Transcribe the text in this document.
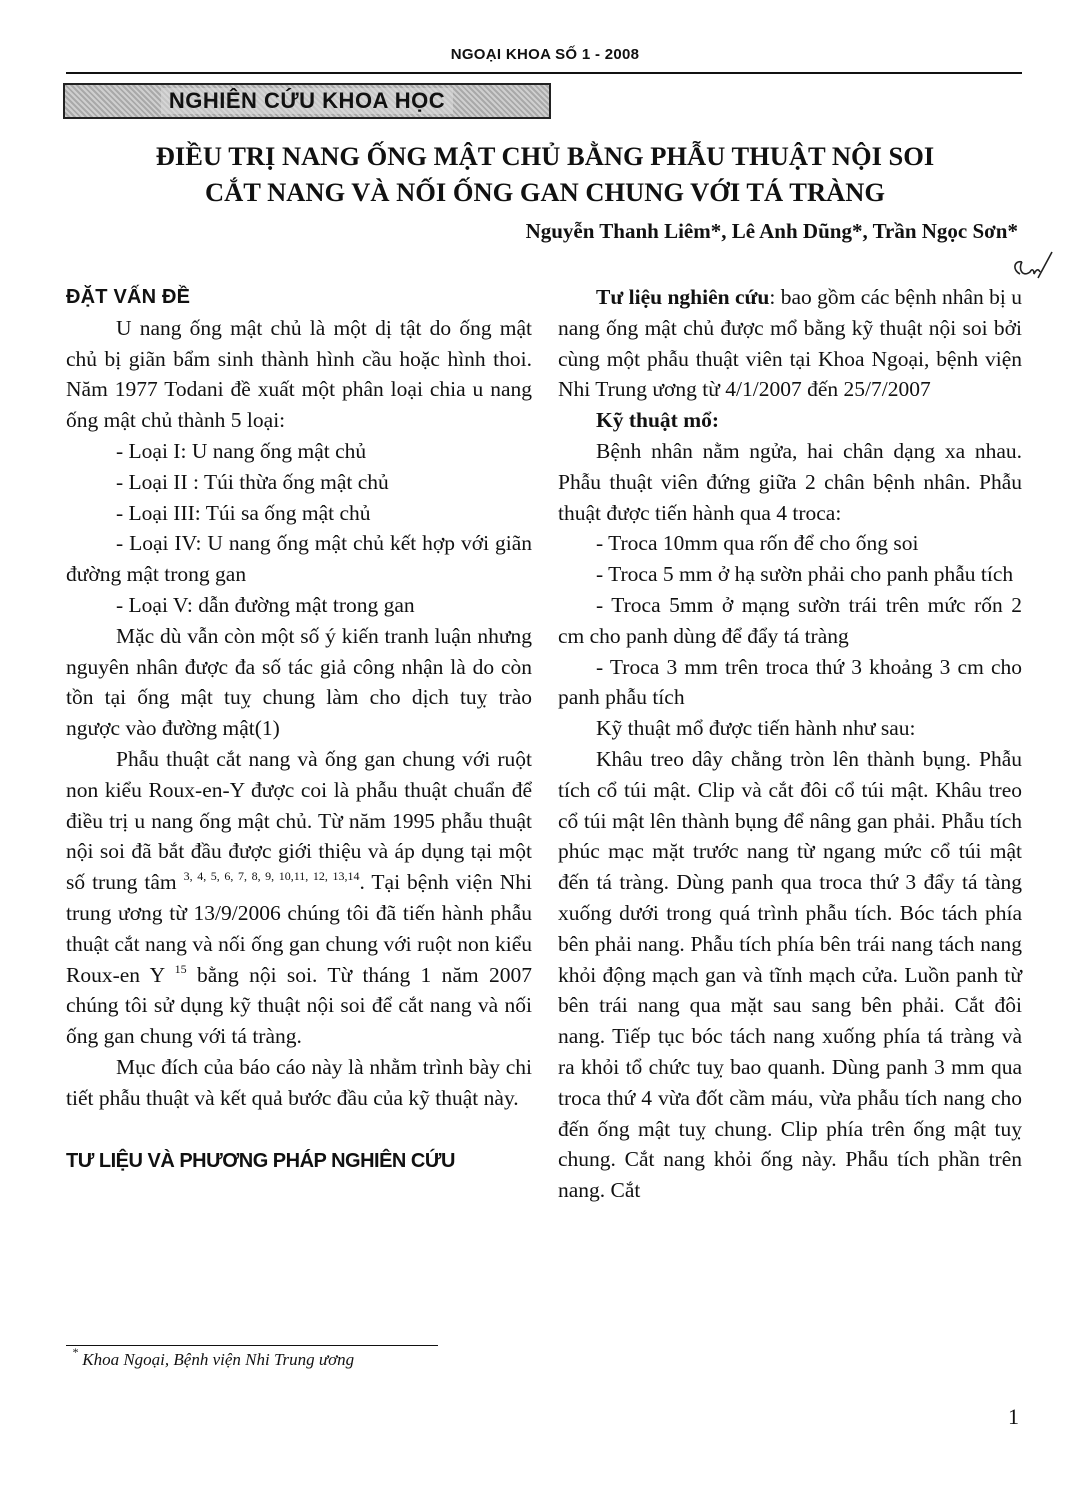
NGOẠI KHOA SỐ 1 - 2008
NGHIÊN CỨU KHOA HỌC
ĐIỀU TRỊ NANG ỐNG MẬT CHỦ BẰNG PHẪU THUẬT NỘI SOI
CẮT NANG VÀ NỐI ỐNG GAN CHUNG VỚI TÁ TRÀNG
Nguyễn Thanh Liêm*, Lê Anh Dũng*, Trần Ngọc Sơn*
ĐẶT VẤN ĐỀ

U nang ống mật chủ là một dị tật do ống mật chủ bị giãn bẩm sinh thành hình cầu hoặc hình thoi. Năm 1977 Todani đề xuất một phân loại chia u nang ống mật chủ thành 5 loại:

- Loại I: U nang ống mật chủ

- Loại II : Túi thừa ống mật chủ

- Loại III: Túi sa ống mật chủ

- Loại IV: U nang ống mật chủ kết hợp với giãn đường mật trong gan

- Loại V: dẫn đường mật trong gan

Mặc dù vẫn còn một số ý kiến tranh luận nhưng nguyên nhân được đa số tác giả công nhận là do còn tồn tại ống mật tuỵ chung làm cho dịch tuỵ trào ngược vào đường mật(1)

Phẫu thuật cắt nang và ống gan chung với ruột non kiểu Roux-en-Y được coi là phẫu thuật chuẩn để điều trị u nang ống mật chủ. Từ năm 1995 phẫu thuật nội soi đã bắt đầu được giới thiệu và áp dụng tại một số trung tâm $^{3, 4, 5, 6, 7, 8, 9, 10,11, 12, 13,14}$. Tại bệnh viện Nhi trung ương từ 13/9/2006 chúng tôi đã tiến hành phẫu thuật cắt nang và nối ống gan chung với ruột non kiểu Roux-en Y $^{15}$ bằng nội soi. Từ tháng 1 năm 2007 chúng tôi sử dụng kỹ thuật nội soi để cắt nang và nối ống gan chung với tá tràng.

Mục đích của báo cáo này là nhằm trình bày chi tiết phẫu thuật và kết quả bước đầu của kỹ thuật này.

TƯ LIỆU VÀ PHƯƠNG PHÁP NGHIÊN CỨU

Tư liệu nghiên cứu: bao gồm các bệnh nhân bị u nang ống mật chủ được mổ bằng kỹ thuật nội soi bởi cùng một phẫu thuật viên tại Khoa Ngoại, bệnh viện Nhi Trung ương từ 4/1/2007 đến 25/7/2007

Kỹ thuật mổ:

Bệnh nhân nằm ngửa, hai chân dạng xa nhau. Phẫu thuật viên đứng giữa 2 chân bệnh nhân. Phẫu thuật được tiến hành qua 4 troca:

- Troca 10mm qua rốn để cho ống soi

- Troca 5 mm ở hạ sườn phải cho panh phẫu tích

- Troca 5mm ở mạng sườn trái trên mức rốn 2 cm cho panh dùng để đẩy tá tràng

- Troca 3 mm trên troca thứ 3 khoảng 3 cm cho panh phẫu tích

Kỹ thuật mổ được tiến hành như sau:

Khâu treo dây chằng tròn lên thành bụng. Phẫu tích cổ túi mật. Clip và cắt đôi cổ túi mật. Khâu treo cổ túi mật lên thành bụng để nâng gan phải. Phẫu tích phúc mạc mặt trước nang từ ngang mức cổ túi mật đến tá tràng. Dùng panh qua troca thứ 3 đẩy tá tàng xuống dưới trong quá trình phẫu tích. Bóc tách phía bên phải nang. Phẫu tích phía bên trái nang tách nang khỏi động mạch gan và tĩnh mạch cửa. Luồn panh từ bên trái nang qua mặt sau sang bên phải. Cắt đôi nang. Tiếp tục bóc tách nang xuống phía tá tràng và ra khỏi tổ chức tuỵ bao quanh. Dùng panh 3 mm qua troca thứ 4 vừa đốt cầm máu, vừa phẫu tích nang cho đến ống mật tuỵ chung. Clip phía trên ống mật tuỵ chung. Cắt nang khỏi ống này. Phẫu tích phần trên nang. Cắt

* Khoa Ngoại, Bệnh viện Nhi Trung ương
1
